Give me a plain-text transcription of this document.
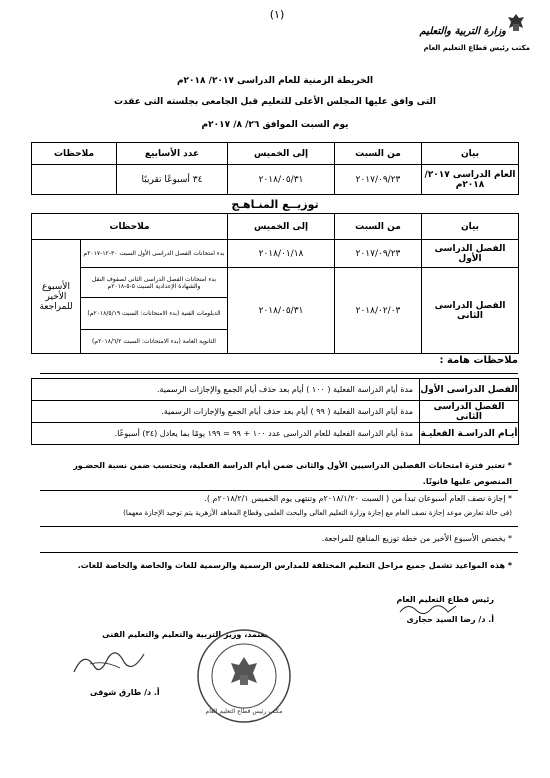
(١)
وزارة التربية والتعليم
مكتب رئيس قطاع التعليم العام
الخريطة الزمنية للعام الدراسى ٢٠١٧/ ٢٠١٨م
التى وافق عليها المجلس الأعلى للتعليم قبل الجامعى بجلسته التى عقدت
يوم السبت الموافق ٢٦/ ٨/ ٢٠١٧م
بيان	من السبت	إلى الخميس	عدد الأسابيع	ملاحظات
العام الدراسى ٢٠١٧/ ٢٠١٨م	٢٠١٧/٠٩/٢٣	٢٠١٨/٠٥/٣١	٣٤ أسبوعًا تقريبًا	
توزيــع المنـاهـج
بيان	من السبت	إلى الخميس	ملاحظات	
الفصل الدراسى الأول	٢٠١٧/٠٩/٢٣	٢٠١٨/٠١/١٨	بدء امتحانات الفصل الدراسى الأول السبت ٣٠-١٢-٢٠١٧م	الأسبوع الأخير للمراجعة
الفصل الدراسى الثانى	٢٠١٨/٠٢/٠٣	٢٠١٨/٠٥/٣١	بدء امتحانات الفصل الدراسى الثانى لصفوف النقل والشهادة الإعدادية السبت ٥-٥-٢٠١٨م	
			الدبلومات الفنية (بدء الامتحانات: السبت ٢٠١٨/٥/١٩م)	
			الثانوية العامة (بدء الامتحانات: السبت ٢٠١٨/٦/٢م)	
ملاحظات هامة :
الفصل الدراسى الأول	مدة أيام الدراسة الفعلية ( ١٠٠ ) أيام بعد حذف أيام الجمع والإجازات الرسمية.
الفصل الدراسى الثانى	مدة أيام الدراسة الفعلية ( ٩٩ ) أيام بعد حذف أيام الجمع والإجازات الرسمية.
أيـام الدراسـة الفعليـة	مدة أيام الدراسة الفعلية للعام الدراسى عدد ١٠٠ + ٩٩ = ١٩٩ يومًا بما يعادل (٣٤) أسبوعًا.
* تعتبر فترة امتحانات الفصلين الدراسيين الأول والثانى ضمن أيام الدراسة الفعلية، وتحتسب ضمن نسبة الحضـور المنصوص عليها قانونًا.
* إجازة نصف العام أسبوعان تبدأ من ( السبت ٢٠١٨/١/٢٠م وتنتهى يوم الخميس ٢٠١٨/٢/١م ).
(فى حالة تعارض موعد إجازة نصف العام مع إجازة وزارة التعليم العالى والبحث العلمى وقطاع المعاهد الأزهرية يتم توحيد الإجازة معهما)
* يخصص الأسبوع الأخير من خطة توزيع المناهج للمراجعة.
* هذه المواعيد تشمل جميع مراحل التعليم المختلفة للمدارس الرسمية والرسمية للغات والخاصة والخاصة للغات.
رئيس قطاع التعليم العام
أ. د/ رضا السيد حجازى
يعتمد، وزير التربية والتعليم والتعليم الفنى
أ. د/ طارق شوقى
مكتب رئيس قطاع التعليم العام
